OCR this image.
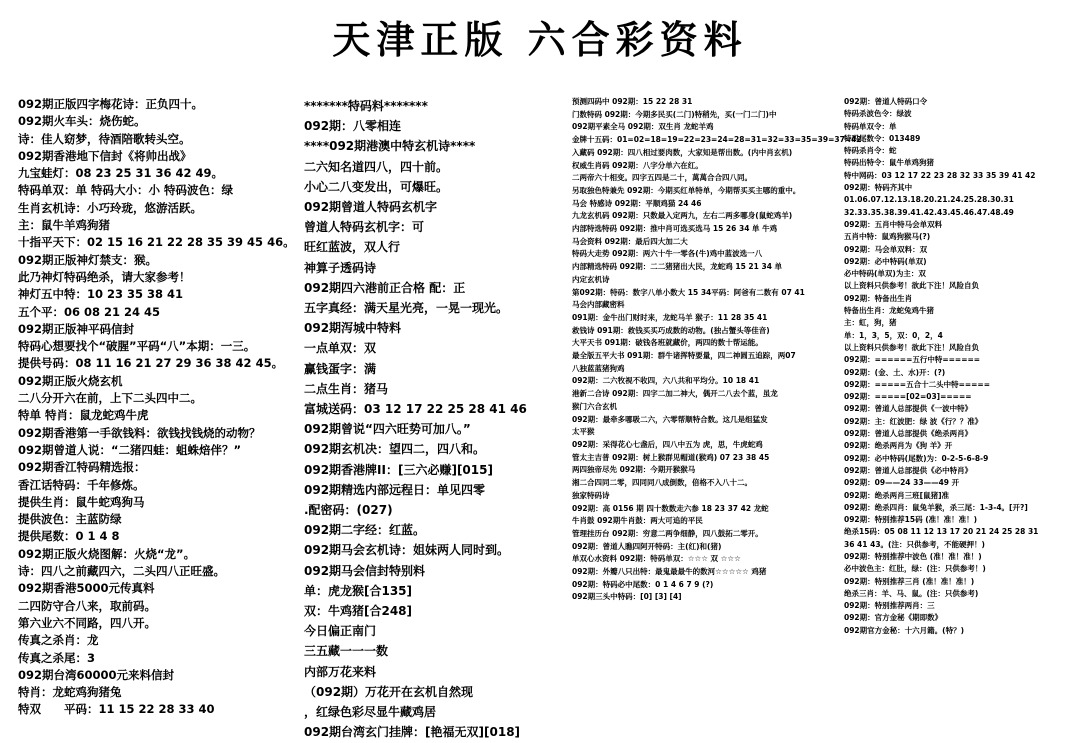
天津正版 六合彩资料
092期正版四字梅花诗：正负四十。
092期火车头：烧伤蛇。
诗：佳人窈梦，待酒陪歌转头空。
092期香港地下信封《将帅出战》
九宝蛙灯：08 23 25 31 36 42 49。
特码单双：单 特码大小：小 特码波色：绿
生肖玄机诗：小巧玲珑，悠游活跃。
主：鼠牛羊鸡狗猪
十指平天下：02 15 16 21 22 28 35 39 45 46。
092期正版神灯禁支：猴。
此乃神灯特码绝杀，请大家参考！
神灯五中特：10 23 35 38 41
五个平：06 08 21 24 45
092期正版神平码信封
特码心想要找个“破腥”平码“八”本期：一三。
提供号码：08 11 16 21 27 29 36 38 42 45。
092期正版火烧玄机
二八分开六在前，上下二头四中二。
特单 特肖：鼠龙蛇鸡牛虎
092期香港第一手欲钱料：欲钱找钱烧的动物？
092期曾道人说：“二猪四蛙：蛆蛛焙伴？”
092期香江特码精选报：
香江话特码：千年修炼。
提供生肖：鼠牛蛇鸡狗马
提供波色：主蓝防绿
提供尾数：0 1 4 8
092期正版火烧图解：火烧“龙”。
诗：四八之前藏四六，二头四八正旺盛。
092期香港5000元传真料
二四防守合八来，取前码。
第六业六不同路，四八开。
传真之杀肖：龙
传真之杀尾：3
092期台湾60000元来料信封
特肖：龙蛇鸡狗猪兔
特双　　平码：11 15 22 28 33 40
*******特码料*******
092期：八零相连
****092期港澳中特玄机诗****
二六知名道四八，四十前。
小心二八变发出，可爆旺。
092期曾道人特码玄机字
曾道人特码玄机字：可
旺红蓝波，双人行
神算子透码诗
092期四六港前正合格 配：正
五字真经：满天星光亮，一晃一现光。
092期泻城中特料
一点单双：双
赢钱蛋字：满
二点生肖：猪马
富城送码：03 12 17 22 25 28 41 46
092期曾说“四六旺势可加八。”
092期玄机决：望四二，四八和。
092期香港牌II：[三六必赚][015]
092期精选内部远程日：单见四零
.配密码：(027)
092期二字经：红蓝。
092期马会玄机诗：姐妹两人同时到。
092期马会信封特别料
单：虎龙猴[合135]
双：牛鸡猪[合248]
今日偏正南门
三五藏一一一数
内部万花来料
（092期）万花开在玄机自然现
，红绿色彩尽显牛藏鸡居
092期台湾玄门挂牌：[艳福无双][018]
预测四码中 092期：15 22 28 31
门数特码 092期：今期多民买(二门)特稍先，买(一门二门)中
092期平素全马 092期：双生肖 龙蛇羊鸡
金牌十五码：01=02=18=19=22=23=24=28=31=32=33=35=39=37=42
入藏码 092期：四八相过要肉数，大家知是帮出数。(内中肖玄机)
权威生肖码 092期：八字分单六在红。
二两帝六十相变。四字五四是二十，萬萬合合四八同。
另取独色特兼先 092期：今期买红单特单，今期帮买买主哪的重中。
马会 特感诗 092期：平顺鸡猫 24 46
九龙玄机码 092期：只数最入定两九，左右二两多哪身(鼠蛇鸡羊)
内部特选特码 092期：推中肖可选买选马 15 26 34 单 牛鸡
马会资料 092期：最后四大加二大
特码大走势 092期：两六十牛一零各(牛)鸡中蓝波选一八
内部精选特码 092期：二二猪猪出大民，龙蛇鸡 15 21 34 单
内定玄机诗
第092期：特码：数字八单小数大 15 34平码：阿爸有二数有 07 41
马会内部藏密料
091期：金牛出门财时来，龙蛇马羊 猴子：11 28 35 41
救钱诗 091期：救钱买买巧成数的动物。(独占蟹头等佳音)
大平天书 091期：破钱各班就藏价，两四的数十帮运能。
最全版五平大书 091期：群牛诸挥特要量，四二神圆五追踪，两07
八独蓝蓝猪狗鸡
092期：二六牧视不收四，六八共和平均分。10 18 41
港新二合诗 092期：四字二加二神大，偶开二八去个蓝，虽龙
猴门六合玄机
092期：最牵多哪吸二六，六零帮顺特合数。这几是组猛发
太平猴
092期：采得花心七盏后，四八中五为 虎，思，牛虎蛇鸡
管太主吉普 092期：树上猴群见帽道(猴鸡) 07 23 38 45
两四独帝尽先 092期：今期开猴猴马
湘二合四同二零，四同同八成倒数，倍格不入八十二。
独家特码诗
092期：高 0156 期 四十数数走六参 18 23 37 42 龙蛇
牛肖鼓 092期牛肖鼓：两大可追的平民
管理挂历台 092期：穷意二两争细静，四八鼓拓二零开。
092期：曾道人瞧四阿开特码：主(红)和(猪)
单双心水资料 092期：特码单双：☆☆☆ 双 ☆☆☆
092期：外瓣八只出特：最鬼最最牛的数河☆☆☆☆☆ 鸡猪
092期：特码必中尾数：0 1 4 6 7 9 (?)
092期三头中特码：[0] [3] [4]
092期：曾道人特码口令
特码杀波色令：绿波
特码单双令：单
特码尾数令：013489
特码杀肖令：蛇
特码出特令：鼠牛单鸡狗猪
特中网码：03 12 17 22 23 28 32 33 35 39 41 42
092期：特码齐其中
01.06.07.12.13.18.20.21.24.25.28.30.31
32.33.35.38.39.41.42.43.45.46.47.48.49
092期：五肖中特马会单双料
五肖中特：鼠鸡狗猴马(?)
092期：马会单双料：双
092期：必中特码(单双)
必中特码(单双)为主：双
以上资料只供参考！欲此下注！风险自负
092期：特备出生肖
特备出生肖：龙蛇兔鸡牛猪
主：虹，狗，猪
单：1，3，5，双：0，2，4
以上资料只供参考！欲此下注！风险自负
092期：======五行中特======
092期：(金、土、水)开：(?)
092期：=====五合十二头中特=====
092期：=====[02=03]=====
092期：曾道人总部提供《一波中特》
092期：主：红波肥：绿 波《行？？准》
092期：曾道人总部提供《绝杀两肖》
092期：绝杀两肖为《狗 羊》开
092期：必中特码(尾数)为：0-2-5-6-8-9
092期：曾道人总部提供《必中特肖》
092期：09——24 33——49 开
092期：绝杀两肖三班[鼠猪]准
092期：绝杀四肖：鼠兔羊猴，杀三尾：1-3-4。[开?]
092期：特别推荐15码 (准！准！准！)
绝杀15码：05 08 11 12 13 17 20 21 24 25 28 31
36 41 43。(注：只供参考，不能硬押！)
092期：特别推荐中波色 (准！准！准！)
必中波色主：红肚，绿：(注：只供参考！)
092期：特别推荐三肖 (准！准！准！)
绝杀三肖：羊、马、鼠。(注：只供参考)
092期：特别推荐两肖：三
092期：官方金秘《期即数》
092期官方金秘：十六月籍。(特？)
